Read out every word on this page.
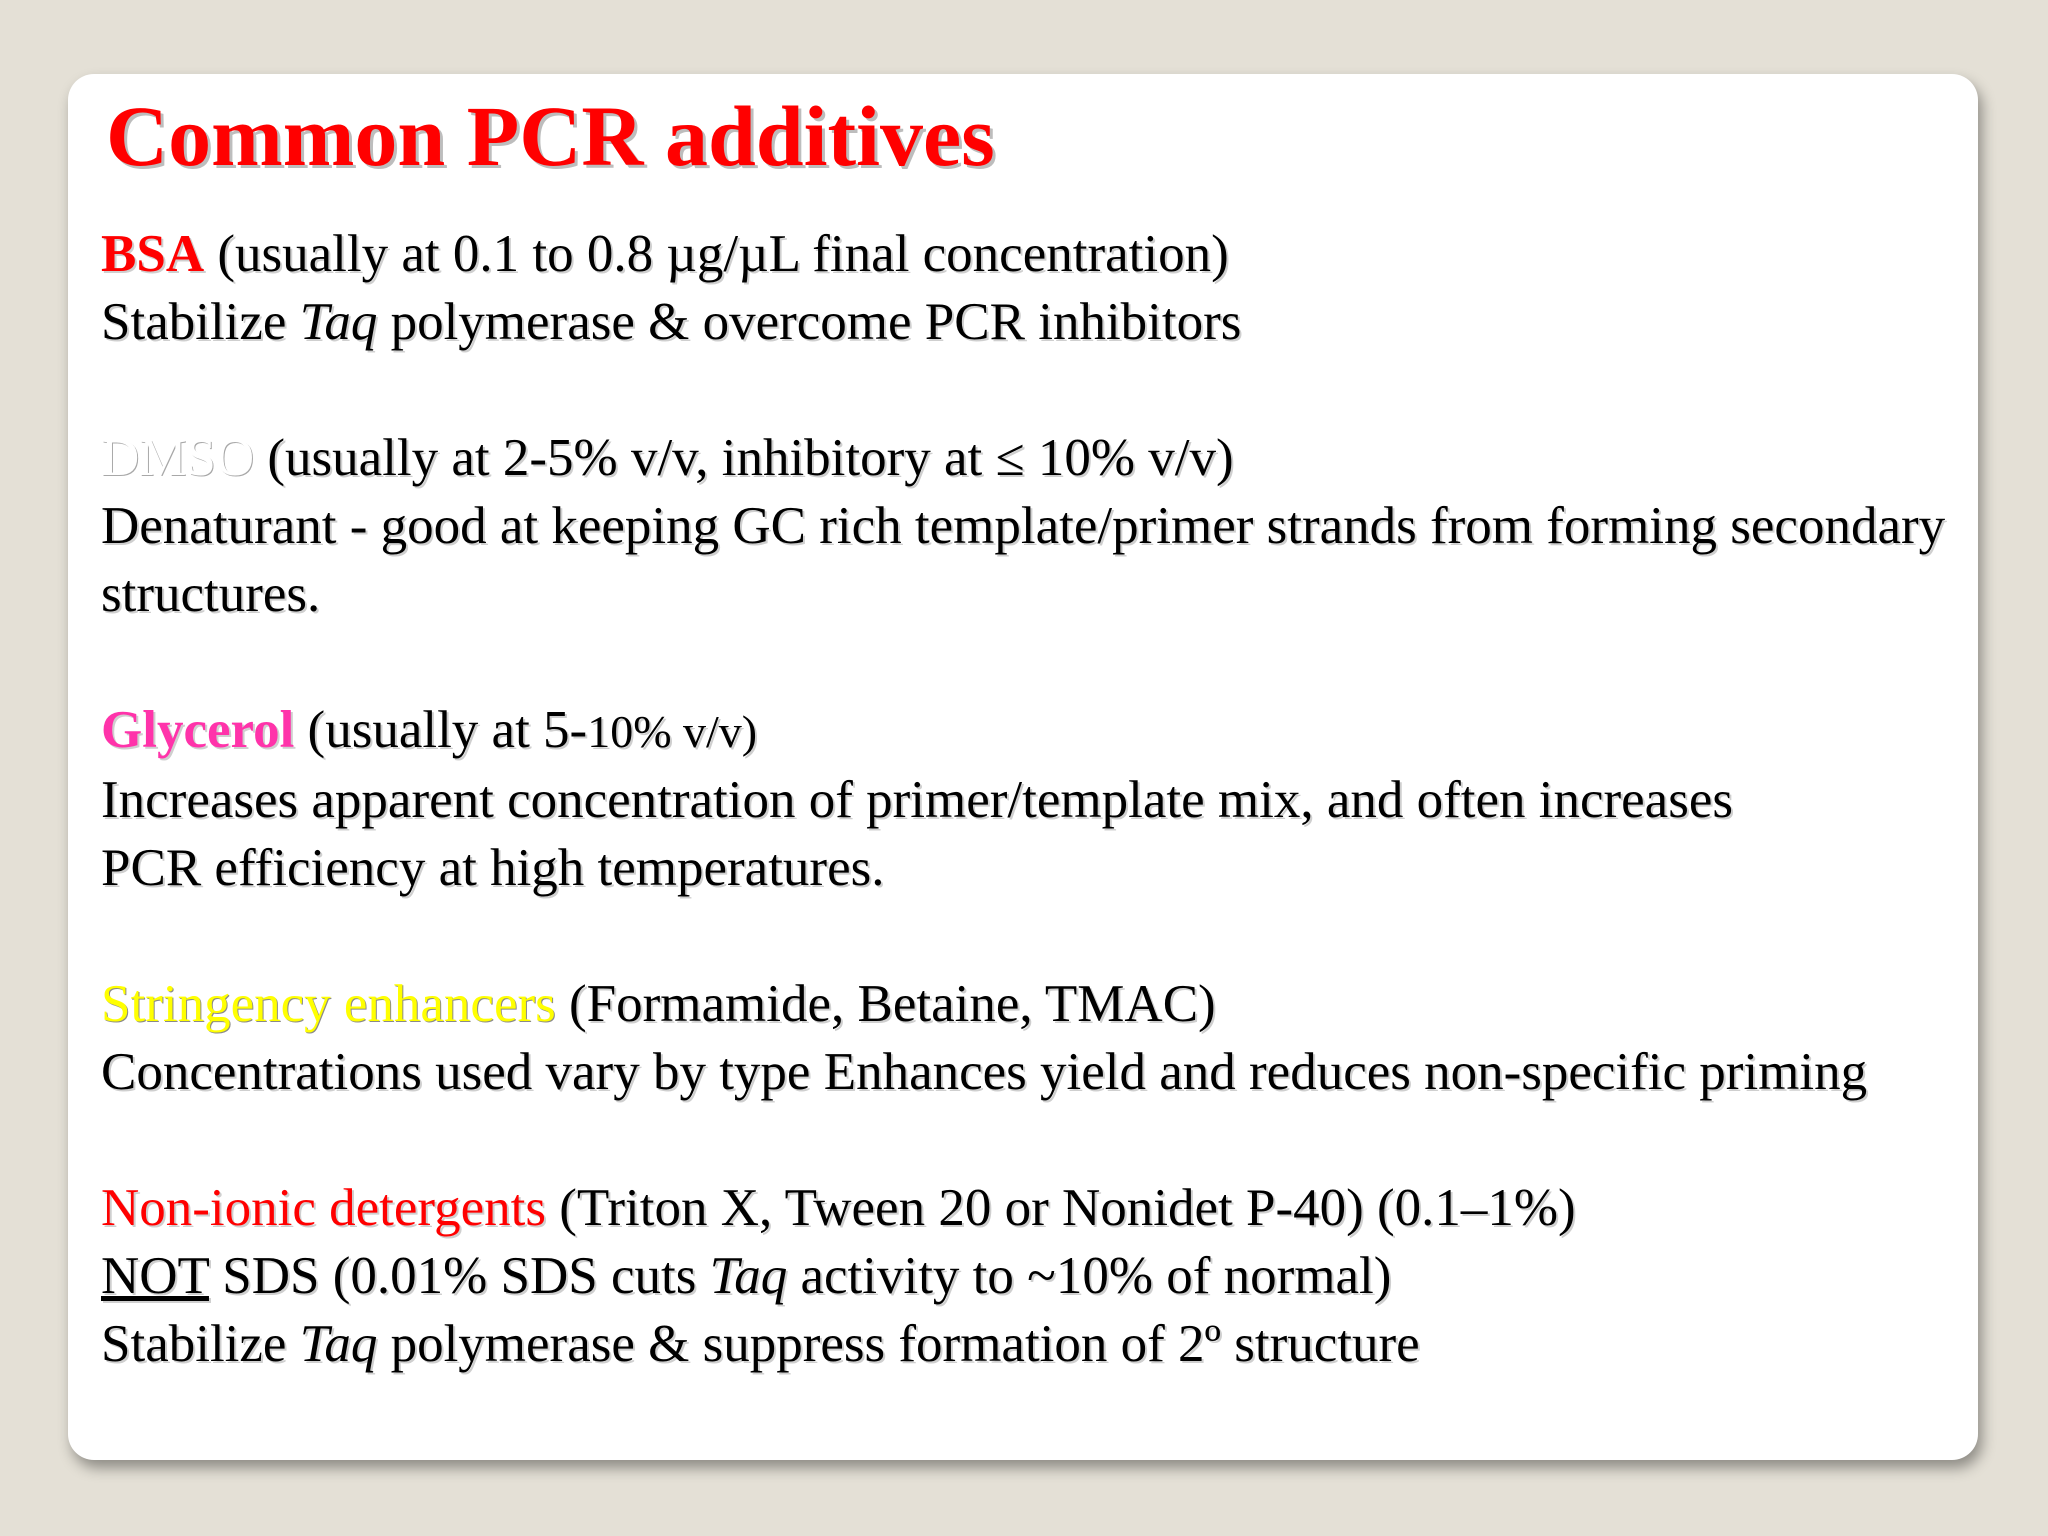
Common PCR additives
BSA (usually at 0.1 to 0.8 µg/µL final concentration)
Stabilize Taq polymerase & overcome PCR inhibitors
DMSO (usually at 2-5% v/v, inhibitory at ≤ 10% v/v)
Denaturant - good at keeping GC rich template/primer strands from forming secondary structures.
Glycerol (usually at 5-10% v/v)
Increases apparent concentration of primer/template mix, and often increases PCR efficiency at high temperatures.
Stringency enhancers (Formamide, Betaine, TMAC)
Concentrations used vary by type Enhances yield and reduces non-specific priming
Non-ionic detergents (Triton X, Tween 20 or Nonidet P-40) (0.1–1%)
NOT SDS (0.01% SDS cuts Taq activity to ~10% of normal)
Stabilize Taq polymerase & suppress formation of 2º structure
